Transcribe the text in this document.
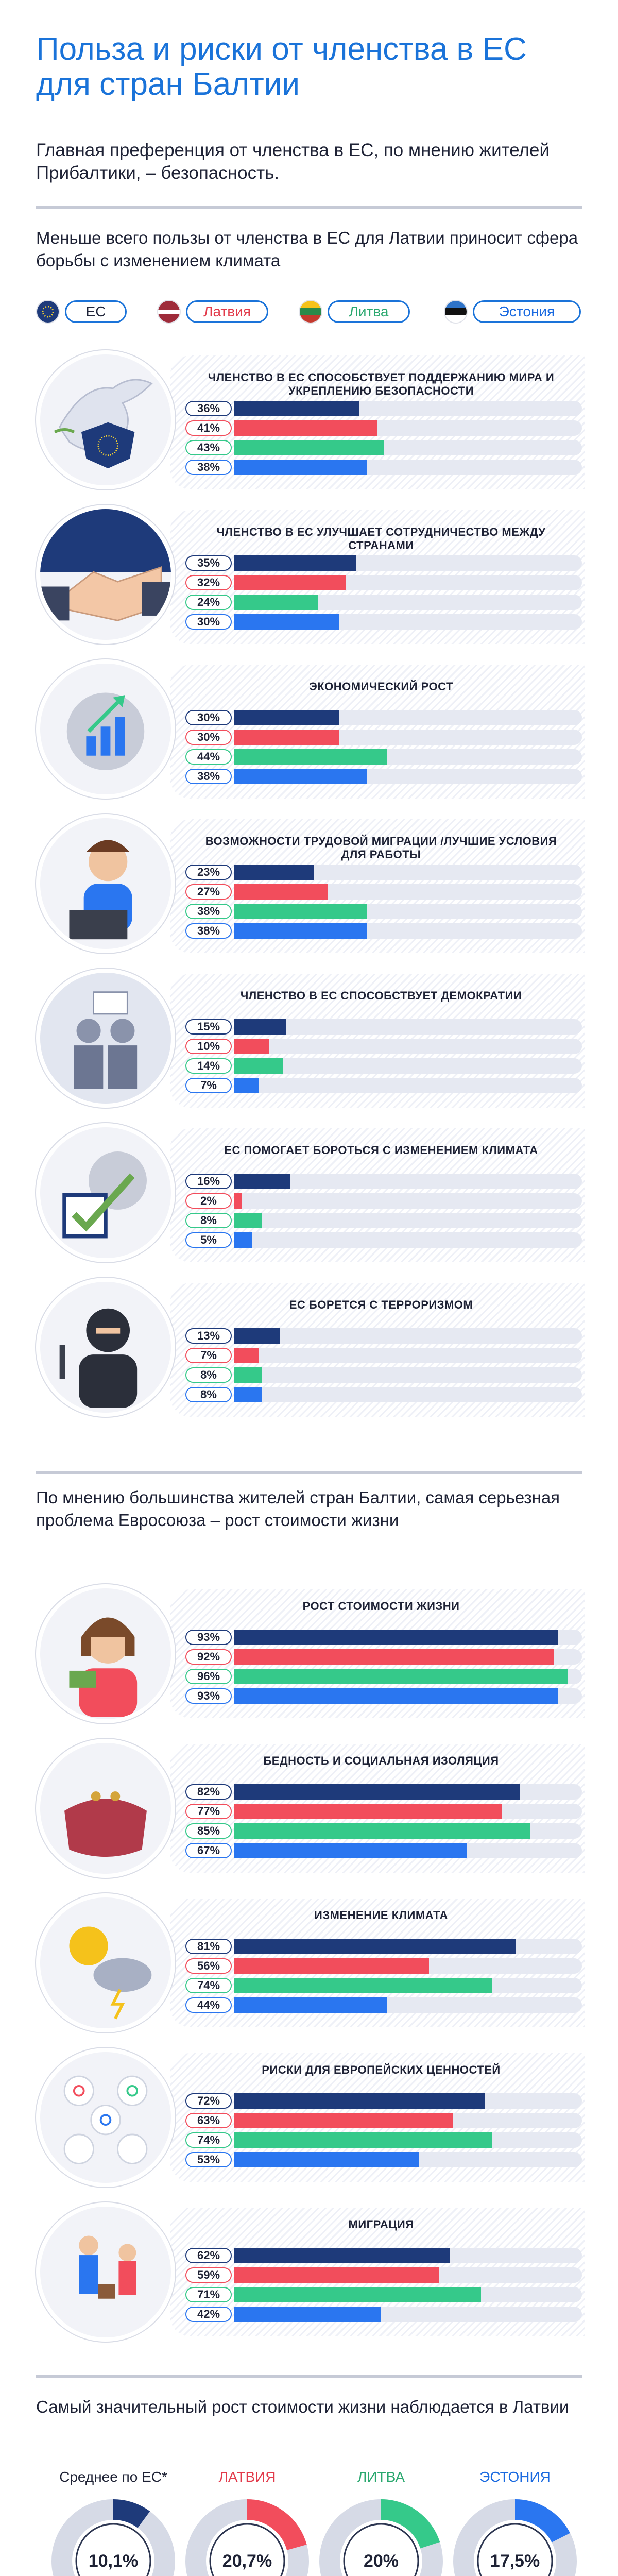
Польза и риски от членства в ЕС для стран Балтии
Главная преференция от членства в ЕС, по мнению жителей Прибалтики, – безопасность.
Меньше всего пользы от членства в ЕС для Латвии приносит сфера борьбы с изменением климата
ЕС	Латвия	Литва	Эстония
ЧЛЕНСТВО В ЕС СПОСОБСТВУЕТ ПОДДЕРЖАНИЮ МИРА И УКРЕПЛЕНИЮ БЕЗОПАСНОСТИ
36%
41%
43%
38%
ЧЛЕНСТВО В ЕС УЛУЧШАЕТ СОТРУДНИЧЕСТВО МЕЖДУ СТРАНАМИ
35%
32%
24%
30%
ЭКОНОМИЧЕСКИЙ РОСТ
30%
30%
44%
38%
ВОЗМОЖНОСТИ ТРУДОВОЙ МИГРАЦИИ /ЛУЧШИЕ УСЛОВИЯ ДЛЯ РАБОТЫ
23%
27%
38%
38%
ЧЛЕНСТВО В ЕС СПОСОБСТВУЕТ ДЕМОКРАТИИ
15%
10%
14%
7%
ЕС ПОМОГАЕТ БОРОТЬСЯ С ИЗМЕНЕНИЕМ КЛИМАТА
16%
2%
8%
5%
ЕС БОРЕТСЯ С ТЕРРОРИЗМОМ
13%
7%
8%
8%
По мнению большинства жителей стран Балтии, самая серьезная проблема Евросоюза – рост стоимости жизни
РОСТ СТОИМОСТИ ЖИЗНИ
93%
92%
96%
93%
БЕДНОСТЬ И СОЦИАЛЬНАЯ ИЗОЛЯЦИЯ
82%
77%
85%
67%
ИЗМЕНЕНИЕ КЛИМАТА
81%
56%
74%
44%
РИСКИ ДЛЯ ЕВРОПЕЙСКИХ ЦЕННОСТЕЙ
72%
63%
74%
53%
МИГРАЦИЯ
62%
59%
71%
42%
Самый значительный рост стоимости жизни наблюдается в Латвии
Среднее по ЕС*
10,1%
ЛАТВИЯ
20,7%
ЛИТВА
20%
ЭСТОНИЯ
17,5%
